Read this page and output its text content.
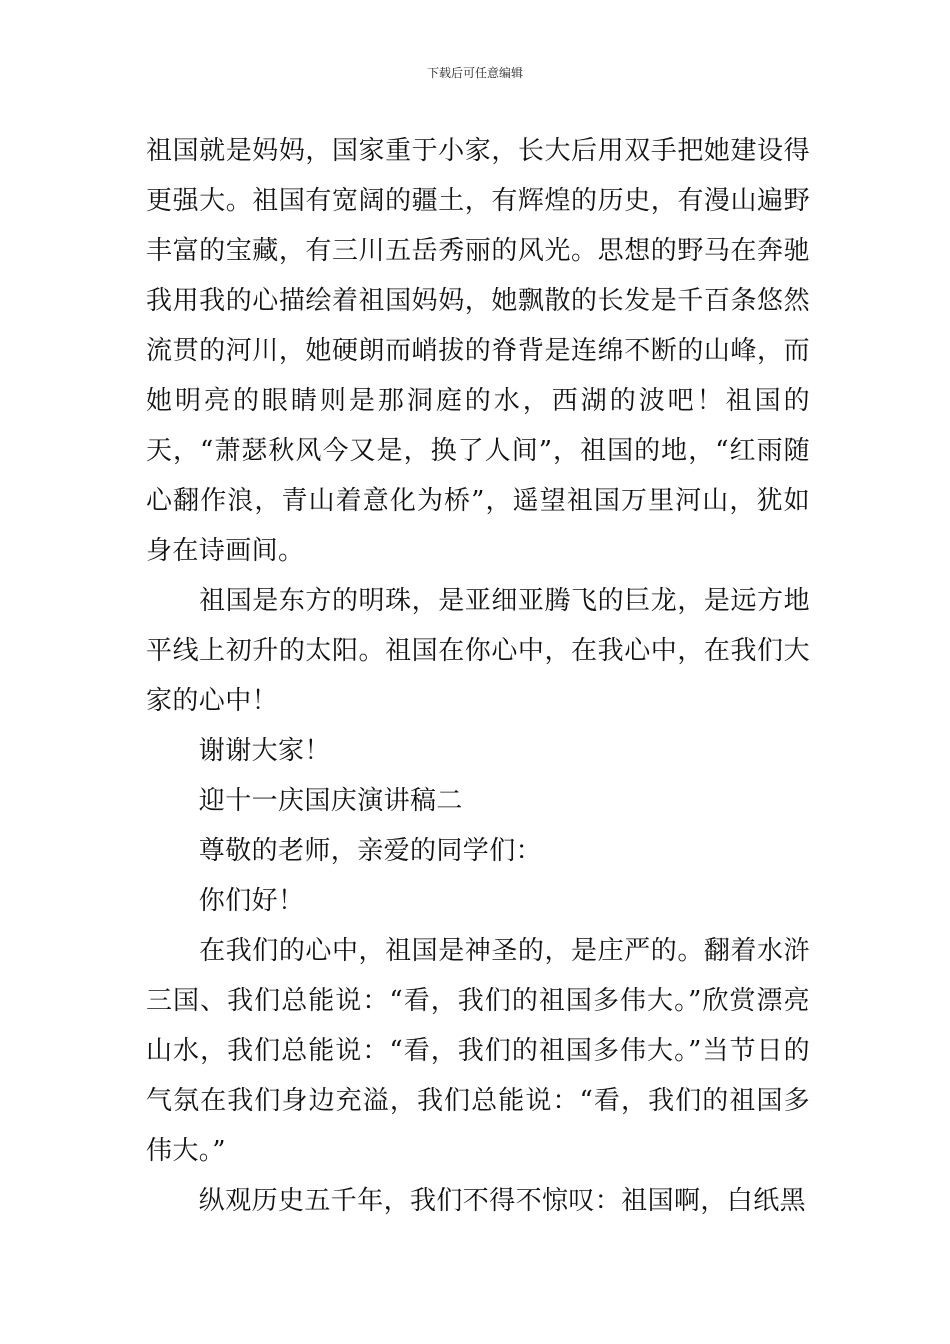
下载后可任意编辑

祖国就是妈妈，国家重于小家，长大后用双手把她建设得更强大。祖国有宽阔的疆土，有辉煌的历史，有漫山遍野丰富的宝藏，有三川五岳秀丽的风光。思想的野马在奔驰我用我的心描绘着祖国妈妈，她飘散的长发是千百条悠然流贯的河川，她硬朗而峭拔的脊背是连绵不断的山峰，而她明亮的眼睛则是那洞庭的水，西湖的波吧！祖国的天，“萧瑟秋风今又是，换了人间”，祖国的地，“红雨随心翻作浪，青山着意化为桥”，遥望祖国万里河山，犹如身在诗画间。

　　祖国是东方的明珠，是亚细亚腾飞的巨龙，是远方地平线上初升的太阳。祖国在你心中，在我心中，在我们大家的心中！

　　谢谢大家！

　　迎十一庆国庆演讲稿二

　　尊敬的老师，亲爱的同学们：

　　你们好！

　　在我们的心中，祖国是神圣的，是庄严的。翻着水浒三国、我们总能说：“看，我们的祖国多伟大。”欣赏漂亮山水，我们总能说：“看，我们的祖国多伟大。”当节日的气氛在我们身边充溢，我们总能说：“看，我们的祖国多伟大。”

　　纵观历史五千年，我们不得不惊叹：祖国啊，白纸黑
